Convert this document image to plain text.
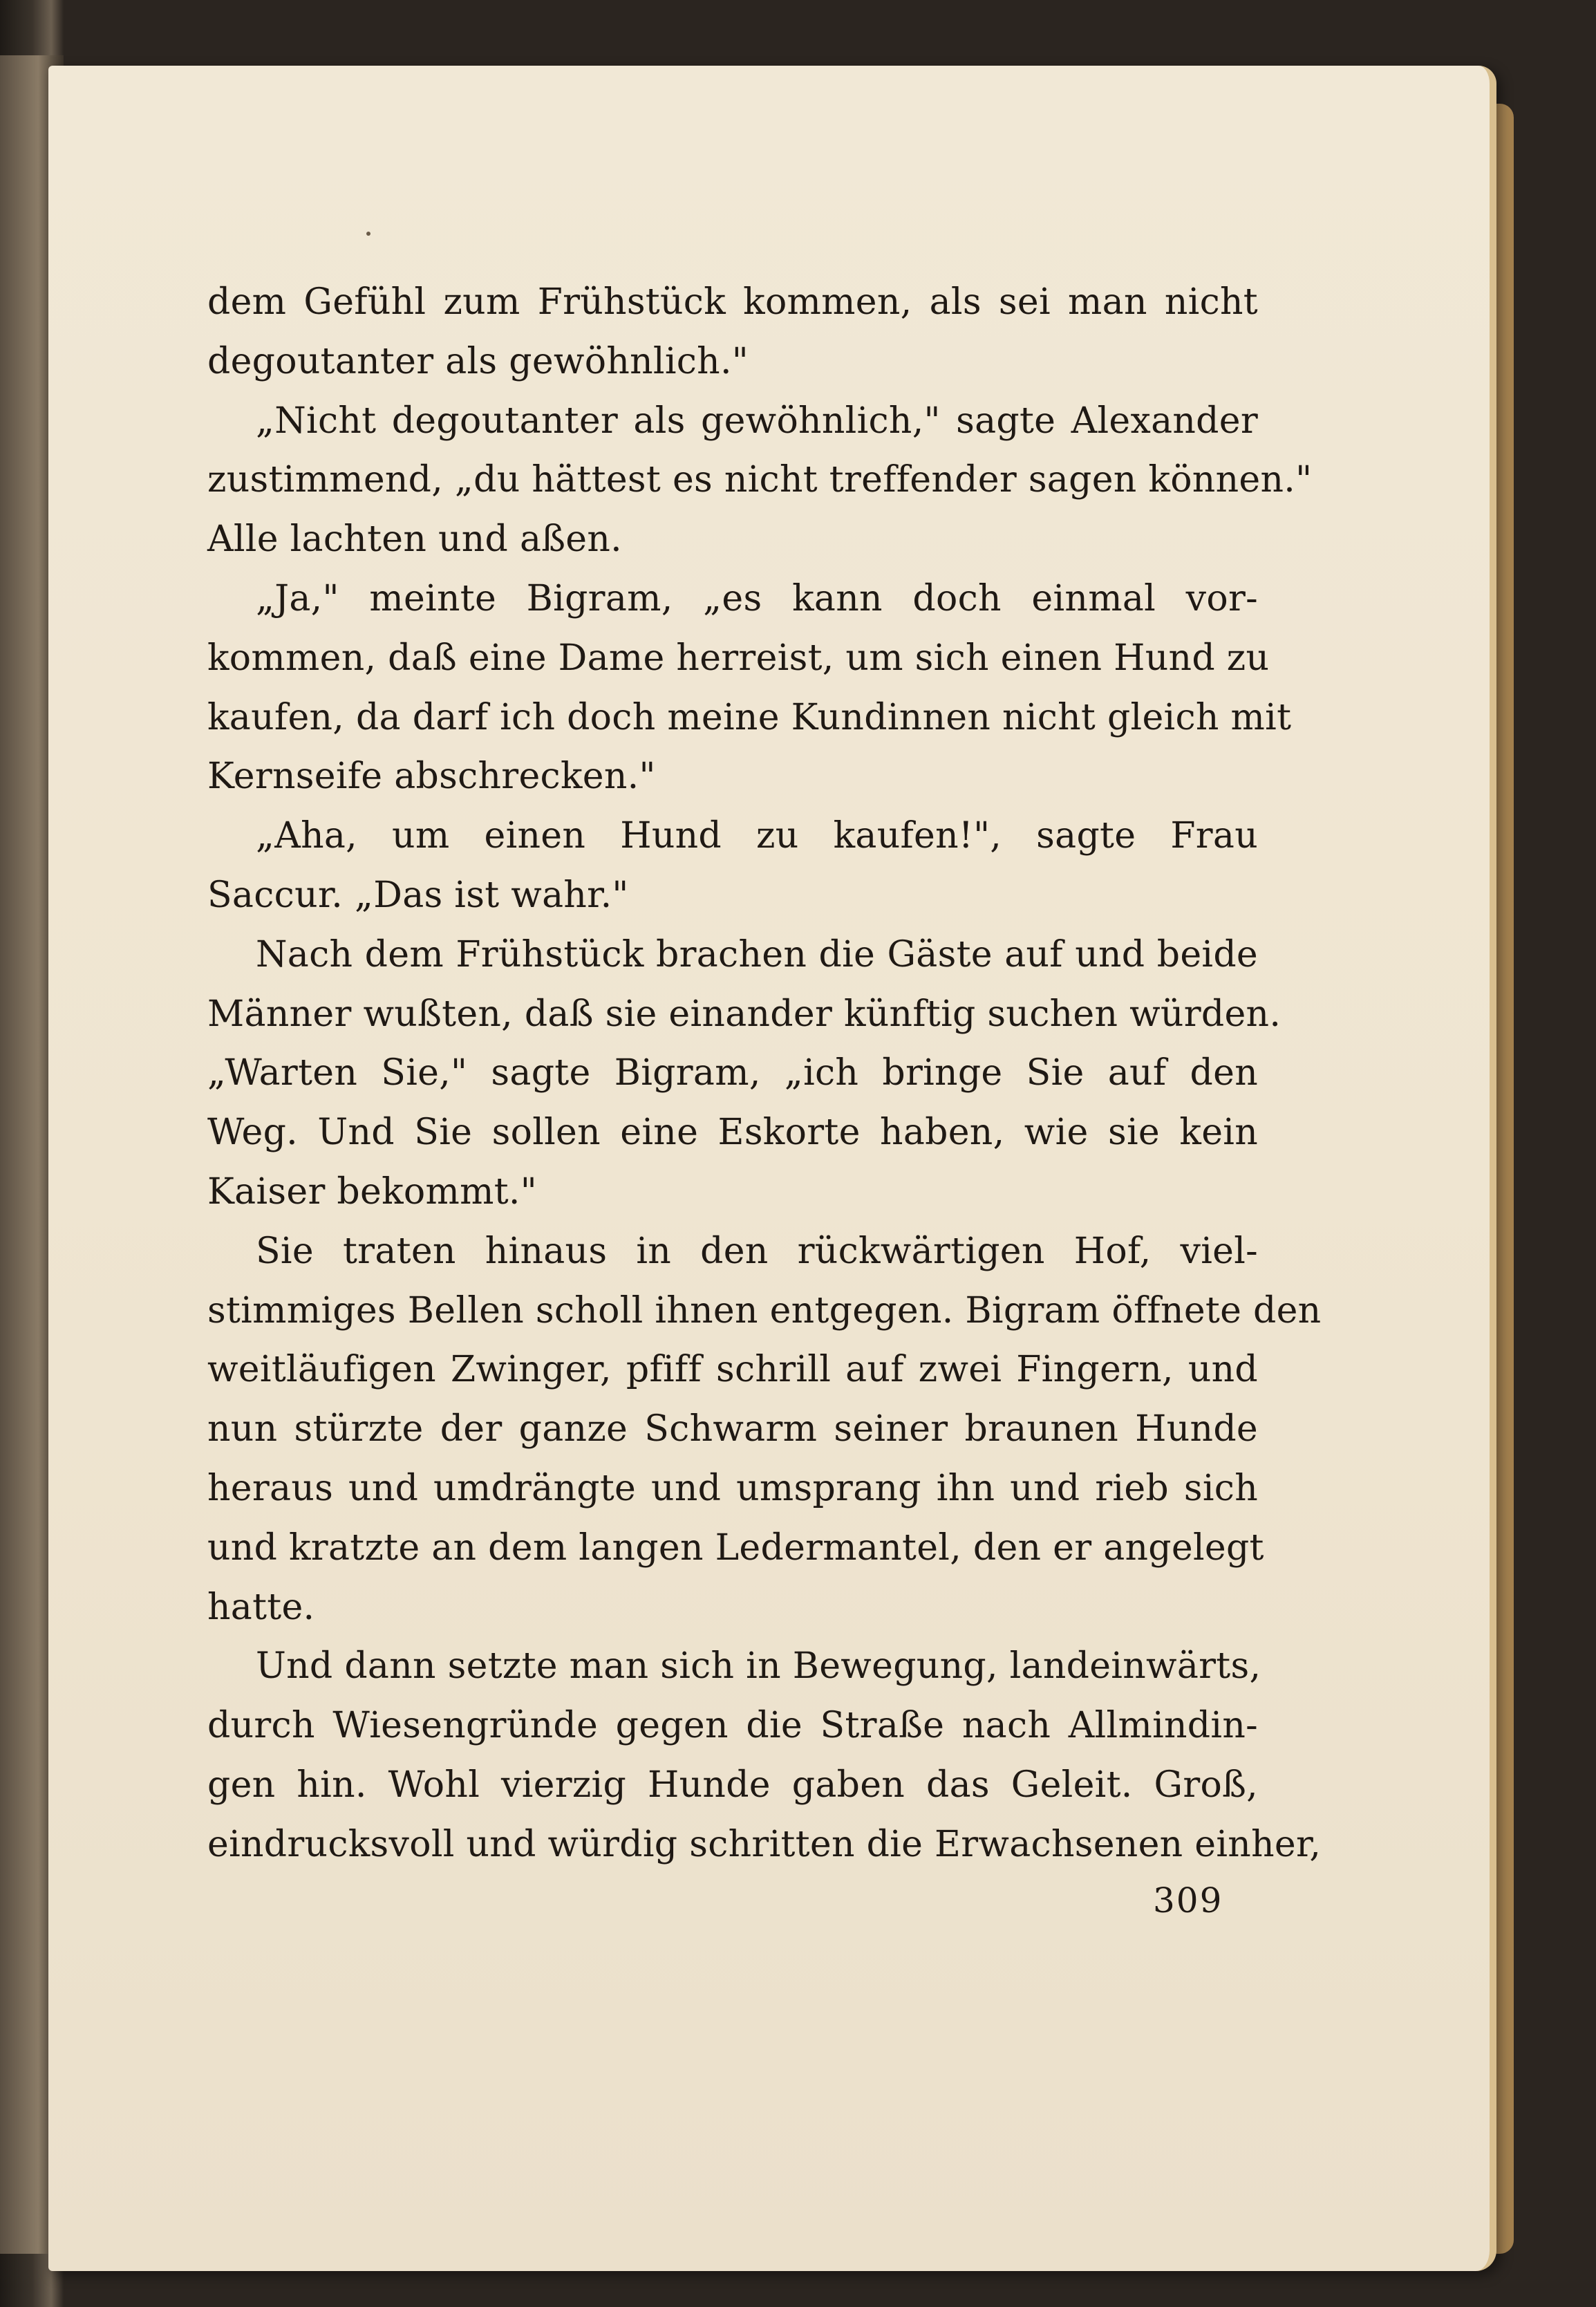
dem Gefühl zum Frühstück kommen, als sei man nicht
degoutanter als gewöhnlich."
„Nicht degoutanter als gewöhnlich," sagte Alexander
zustimmend, „du hättest es nicht treffender sagen können."
Alle lachten und aßen.
„Ja," meinte Bigram, „es kann doch einmal vor-
kommen, daß eine Dame herreist, um sich einen Hund zu
kaufen, da darf ich doch meine Kundinnen nicht gleich mit
Kernseife abschrecken."
„Aha, um einen Hund zu kaufen!", sagte Frau
Saccur. „Das ist wahr."
Nach dem Frühstück brachen die Gäste auf und beide
Männer wußten, daß sie einander künftig suchen würden.
„Warten Sie," sagte Bigram, „ich bringe Sie auf den
Weg. Und Sie sollen eine Eskorte haben, wie sie kein
Kaiser bekommt."
Sie traten hinaus in den rückwärtigen Hof, viel-
stimmiges Bellen scholl ihnen entgegen. Bigram öffnete den
weitläufigen Zwinger, pfiff schrill auf zwei Fingern, und
nun stürzte der ganze Schwarm seiner braunen Hunde
heraus und umdrängte und umsprang ihn und rieb sich
und kratzte an dem langen Ledermantel, den er angelegt
hatte.
Und dann setzte man sich in Bewegung, landeinwärts,
durch Wiesengründe gegen die Straße nach Allmindin-
gen hin. Wohl vierzig Hunde gaben das Geleit. Groß,
eindrucksvoll und würdig schritten die Erwachsenen einher,
309
